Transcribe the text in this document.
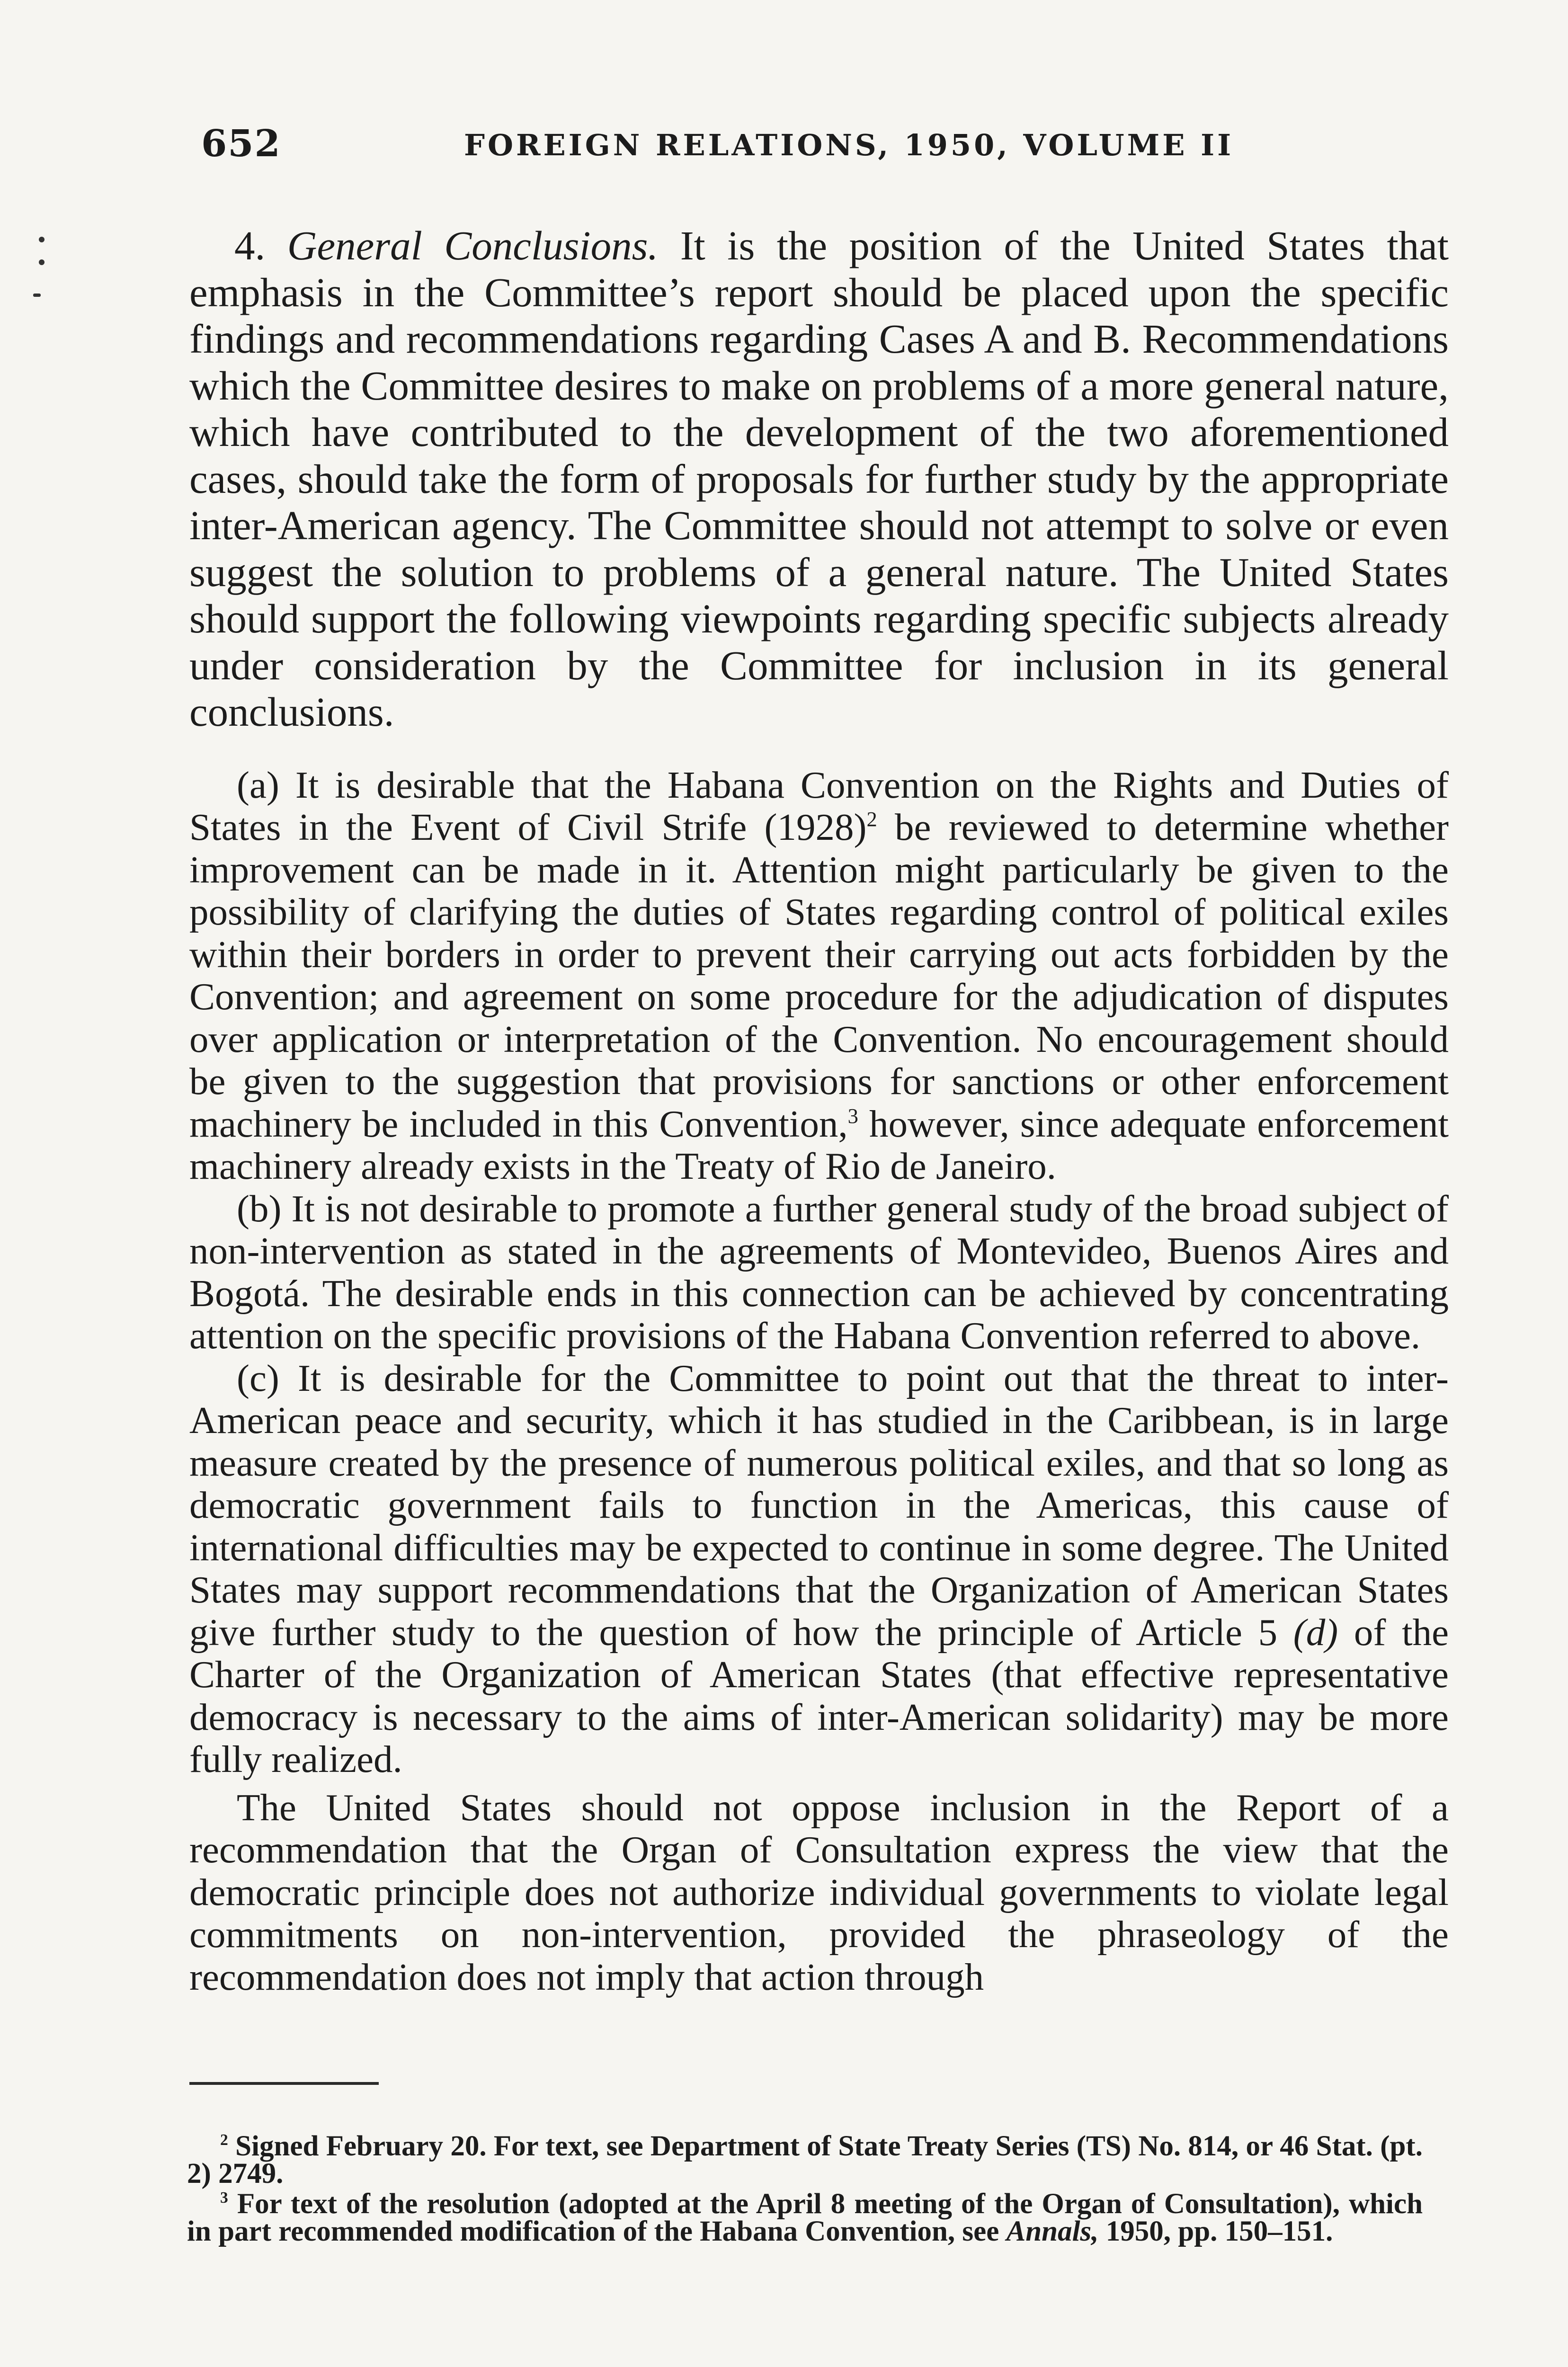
652	FOREIGN RELATIONS, 1950, VOLUME II

4. General Conclusions. It is the position of the United States that emphasis in the Committee’s report should be placed upon the specific findings and recommendations regarding Cases A and B. Recommendations which the Committee desires to make on problems of a more general nature, which have contributed to the development of the two aforementioned cases, should take the form of proposals for further study by the appropriate inter-American agency. The Committee should not attempt to solve or even suggest the solution to problems of a general nature. The United States should support the following viewpoints regarding specific subjects already under consideration by the Committee for inclusion in its general conclusions.

(a) It is desirable that the Habana Convention on the Rights and Duties of States in the Event of Civil Strife $(1928)^2$ be reviewed to determine whether improvement can be made in it. Attention might particularly be given to the possibility of clarifying the duties of States regarding control of political exiles within their borders in order to prevent their carrying out acts forbidden by the Convention; and agreement on some procedure for the adjudication of disputes over application or interpretation of the Convention. No encouragement should be given to the suggestion that provisions for sanctions or other enforcement machinery be included in this Convention,$^3$ however, since adequate enforcement machinery already exists in the Treaty of Rio de Janeiro.

(b) It is not desirable to promote a further general study of the broad subject of non-intervention as stated in the agreements of Montevideo, Buenos Aires and Bogotá. The desirable ends in this connection can be achieved by concentrating attention on the specific provisions of the Habana Convention referred to above.

(c) It is desirable for the Committee to point out that the threat to inter-American peace and security, which it has studied in the Caribbean, is in large measure created by the presence of numerous political exiles, and that so long as democratic government fails to function in the Americas, this cause of international difficulties may be expected to continue in some degree. The United States may support recommendations that the Organization of American States give further study to the question of how the principle of Article 5 (d) of the Charter of the Organization of American States (that effective representative democracy is necessary to the aims of inter-American solidarity) may be more fully realized.

The United States should not oppose inclusion in the Report of a recommendation that the Organ of Consultation express the view that the democratic principle does not authorize individual governments to violate legal commitments on non-intervention, provided the phraseology of the recommendation does not imply that action through

$^2$ Signed February 20. For text, see Department of State Treaty Series (TS) No. 814, or 46 Stat. (pt. 2) 2749.

$^3$ For text of the resolution (adopted at the April 8 meeting of the Organ of Consultation), which in part recommended modification of the Habana Convention, see Annals, 1950, pp. 150–151.
